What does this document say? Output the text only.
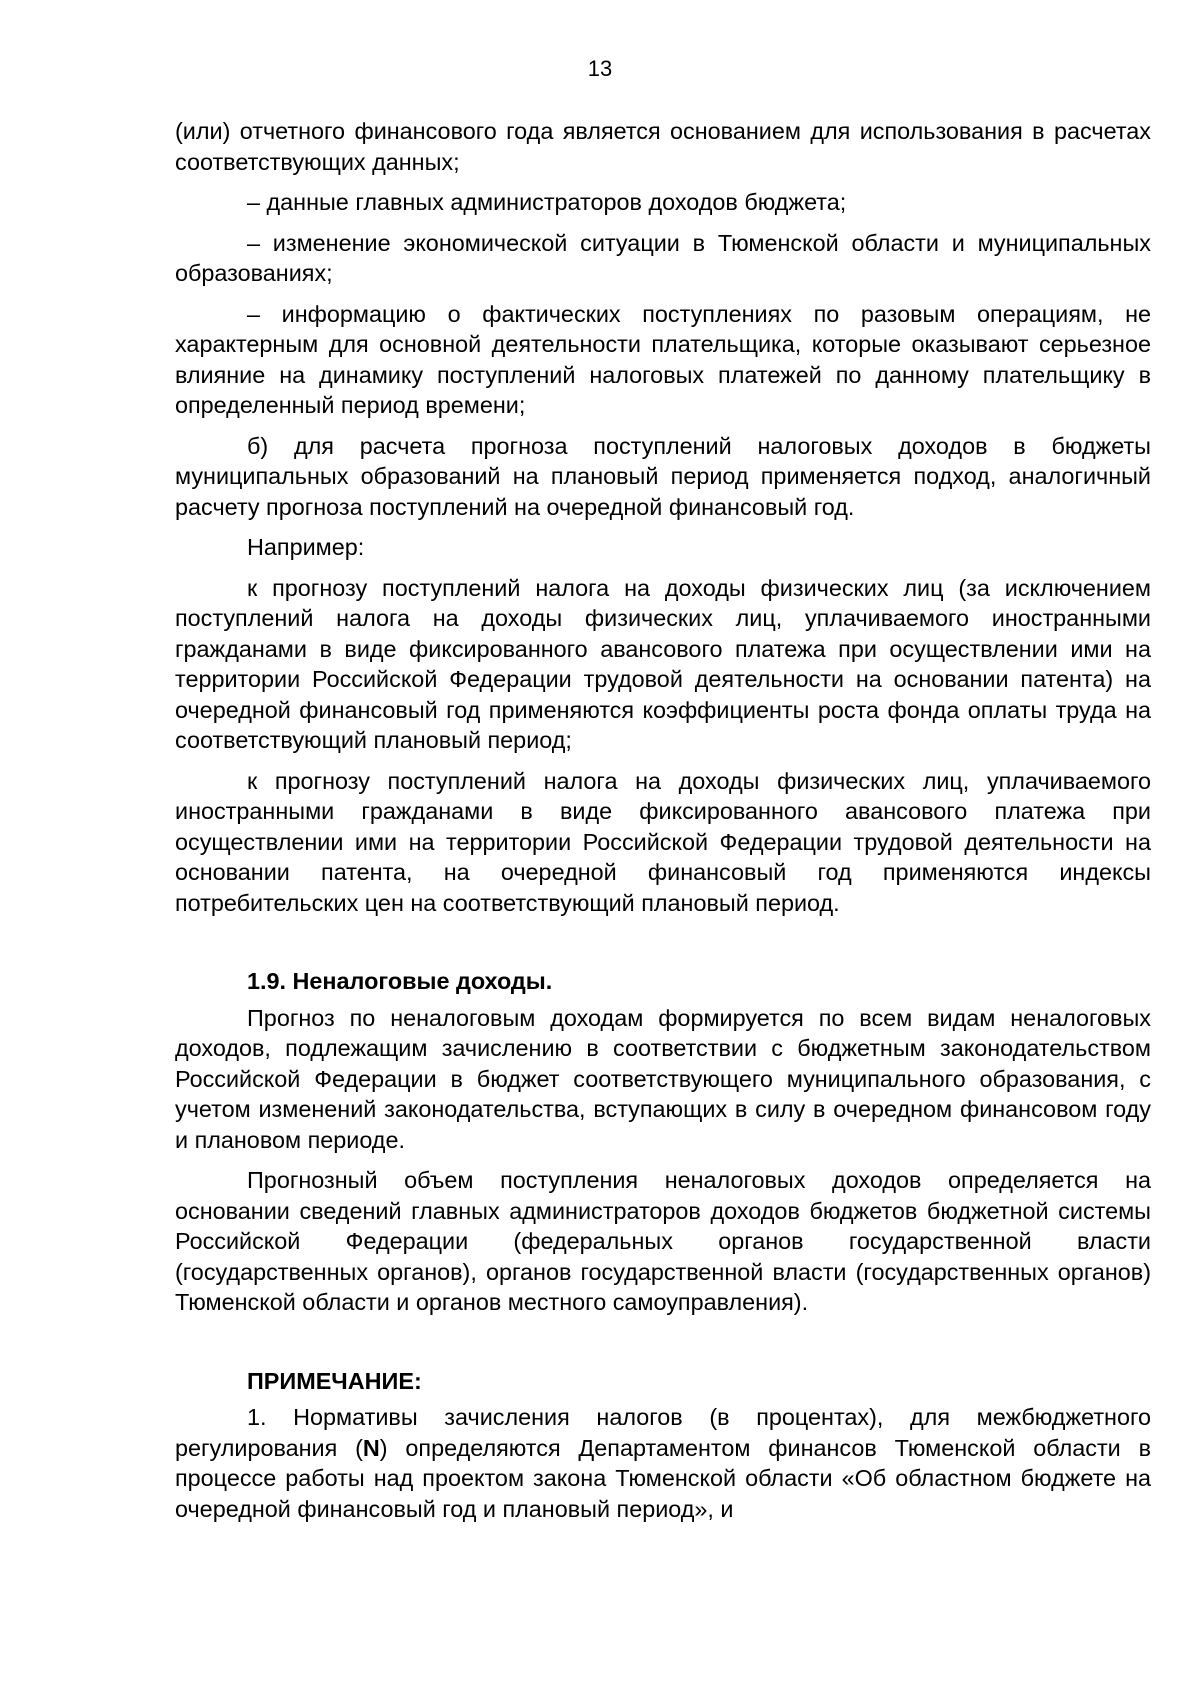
13

(или) отчетного финансового года является основанием для использования в расчетах соответствующих данных;

– данные главных администраторов доходов бюджета;

– изменение экономической ситуации в Тюменской области и муниципальных образованиях;

– информацию о фактических поступлениях по разовым операциям, не характерным для основной деятельности плательщика, которые оказывают серьезное влияние на динамику поступлений налоговых платежей по данному плательщику в определенный период времени;

б) для расчета прогноза поступлений налоговых доходов в бюджеты муниципальных образований на плановый период применяется подход, аналогичный расчету прогноза поступлений на очередной финансовый год.

Например:

к прогнозу поступлений налога на доходы физических лиц (за исключением поступлений налога на доходы физических лиц, уплачиваемого иностранными гражданами в виде фиксированного авансового платежа при осуществлении ими на территории Российской Федерации трудовой деятельности на основании патента) на очередной финансовый год применяются коэффициенты роста фонда оплаты труда на соответствующий плановый период;

к прогнозу поступлений налога на доходы физических лиц, уплачиваемого иностранными гражданами в виде фиксированного авансового платежа при осуществлении ими на территории Российской Федерации трудовой деятельности на основании патента, на очередной финансовый год применяются индексы потребительских цен на соответствующий плановый период.

1.9. Неналоговые доходы.

Прогноз по неналоговым доходам формируется по всем видам неналоговых доходов, подлежащим зачислению в соответствии с бюджетным законодательством Российской Федерации в бюджет соответствующего муниципального образования, с учетом изменений законодательства, вступающих в силу в очередном финансовом году и плановом периоде.

Прогнозный объем поступления неналоговых доходов определяется на основании сведений главных администраторов доходов бюджетов бюджетной системы Российской Федерации (федеральных органов государственной власти (государственных органов), органов государственной власти (государственных органов) Тюменской области и органов местного самоуправления).

ПРИМЕЧАНИЕ:

1. Нормативы зачисления налогов (в процентах), для межбюджетного регулирования (N) определяются Департаментом финансов Тюменской области в процессе работы над проектом закона Тюменской области «Об областном бюджете на очередной финансовый год и плановый период», и
